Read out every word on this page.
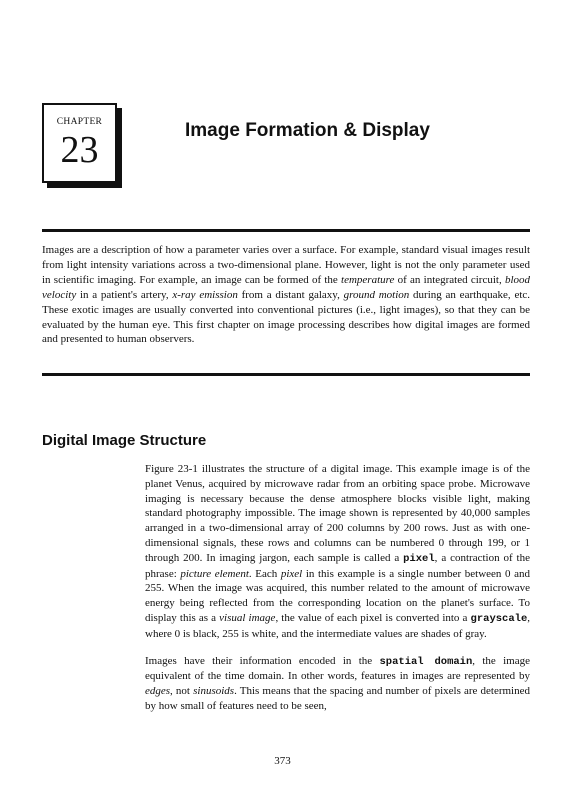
CHAPTER
23	Image Formation & Display

Images are a description of how a parameter varies over a surface. For example, standard visual images result from light intensity variations across a two-dimensional plane. However, light is not the only parameter used in scientific imaging. For example, an image can be formed of the temperature of an integrated circuit, blood velocity in a patient's artery, x-ray emission from a distant galaxy, ground motion during an earthquake, etc. These exotic images are usually converted into conventional pictures (i.e., light images), so that they can be evaluated by the human eye. This first chapter on image processing describes how digital images are formed and presented to human observers.

Digital Image Structure

Figure 23-1 illustrates the structure of a digital image. This example image is of the planet Venus, acquired by microwave radar from an orbiting space probe. Microwave imaging is necessary because the dense atmosphere blocks visible light, making standard photography impossible. The image shown is represented by 40,000 samples arranged in a two-dimensional array of 200 columns by 200 rows. Just as with one-dimensional signals, these rows and columns can be numbered 0 through 199, or 1 through 200. In imaging jargon, each sample is called a pixel, a contraction of the phrase: picture element. Each pixel in this example is a single number between 0 and 255. When the image was acquired, this number related to the amount of microwave energy being reflected from the corresponding location on the planet's surface. To display this as a visual image, the value of each pixel is converted into a grayscale, where 0 is black, 255 is white, and the intermediate values are shades of gray.

Images have their information encoded in the spatial domain, the image equivalent of the time domain. In other words, features in images are represented by edges, not sinusoids. This means that the spacing and number of pixels are determined by how small of features need to be seen,

373
